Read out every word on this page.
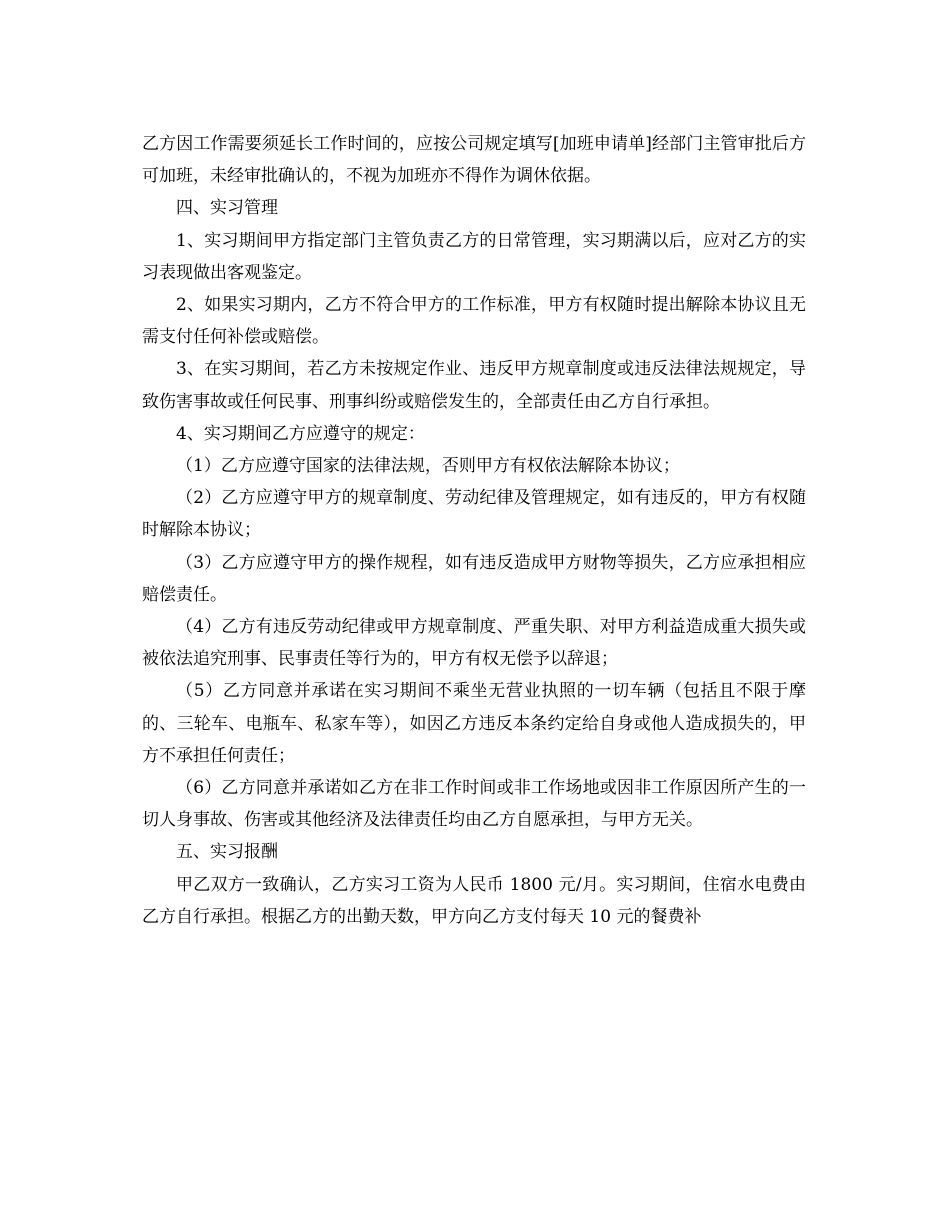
乙方因工作需要须延长工作时间的，应按公司规定填写[加班申请单]经部门主管审批后方可加班，未经审批确认的，不视为加班亦不得作为调休依据。

四、实习管理

1、实习期间甲方指定部门主管负责乙方的日常管理，实习期满以后，应对乙方的实习表现做出客观鉴定。

2、如果实习期内，乙方不符合甲方的工作标准，甲方有权随时提出解除本协议且无需支付任何补偿或赔偿。

3、在实习期间，若乙方未按规定作业、违反甲方规章制度或违反法律法规规定，导致伤害事故或任何民事、刑事纠纷或赔偿发生的，全部责任由乙方自行承担。

4、实习期间乙方应遵守的规定：

（1）乙方应遵守国家的法律法规，否则甲方有权依法解除本协议；

（2）乙方应遵守甲方的规章制度、劳动纪律及管理规定，如有违反的，甲方有权随时解除本协议；

（3）乙方应遵守甲方的操作规程，如有违反造成甲方财物等损失，乙方应承担相应赔偿责任。

（4）乙方有违反劳动纪律或甲方规章制度、严重失职、对甲方利益造成重大损失或被依法追究刑事、民事责任等行为的，甲方有权无偿予以辞退；

（5）乙方同意并承诺在实习期间不乘坐无营业执照的一切车辆（包括且不限于摩的、三轮车、电瓶车、私家车等），如因乙方违反本条约定给自身或他人造成损失的，甲方不承担任何责任；

（6）乙方同意并承诺如乙方在非工作时间或非工作场地或因非工作原因所产生的一切人身事故、伤害或其他经济及法律责任均由乙方自愿承担，与甲方无关。

五、实习报酬

甲乙双方一致确认，乙方实习工资为人民币 1800 元/月。实习期间，住宿水电费由乙方自行承担。根据乙方的出勤天数，甲方向乙方支付每天 10 元的餐费补
